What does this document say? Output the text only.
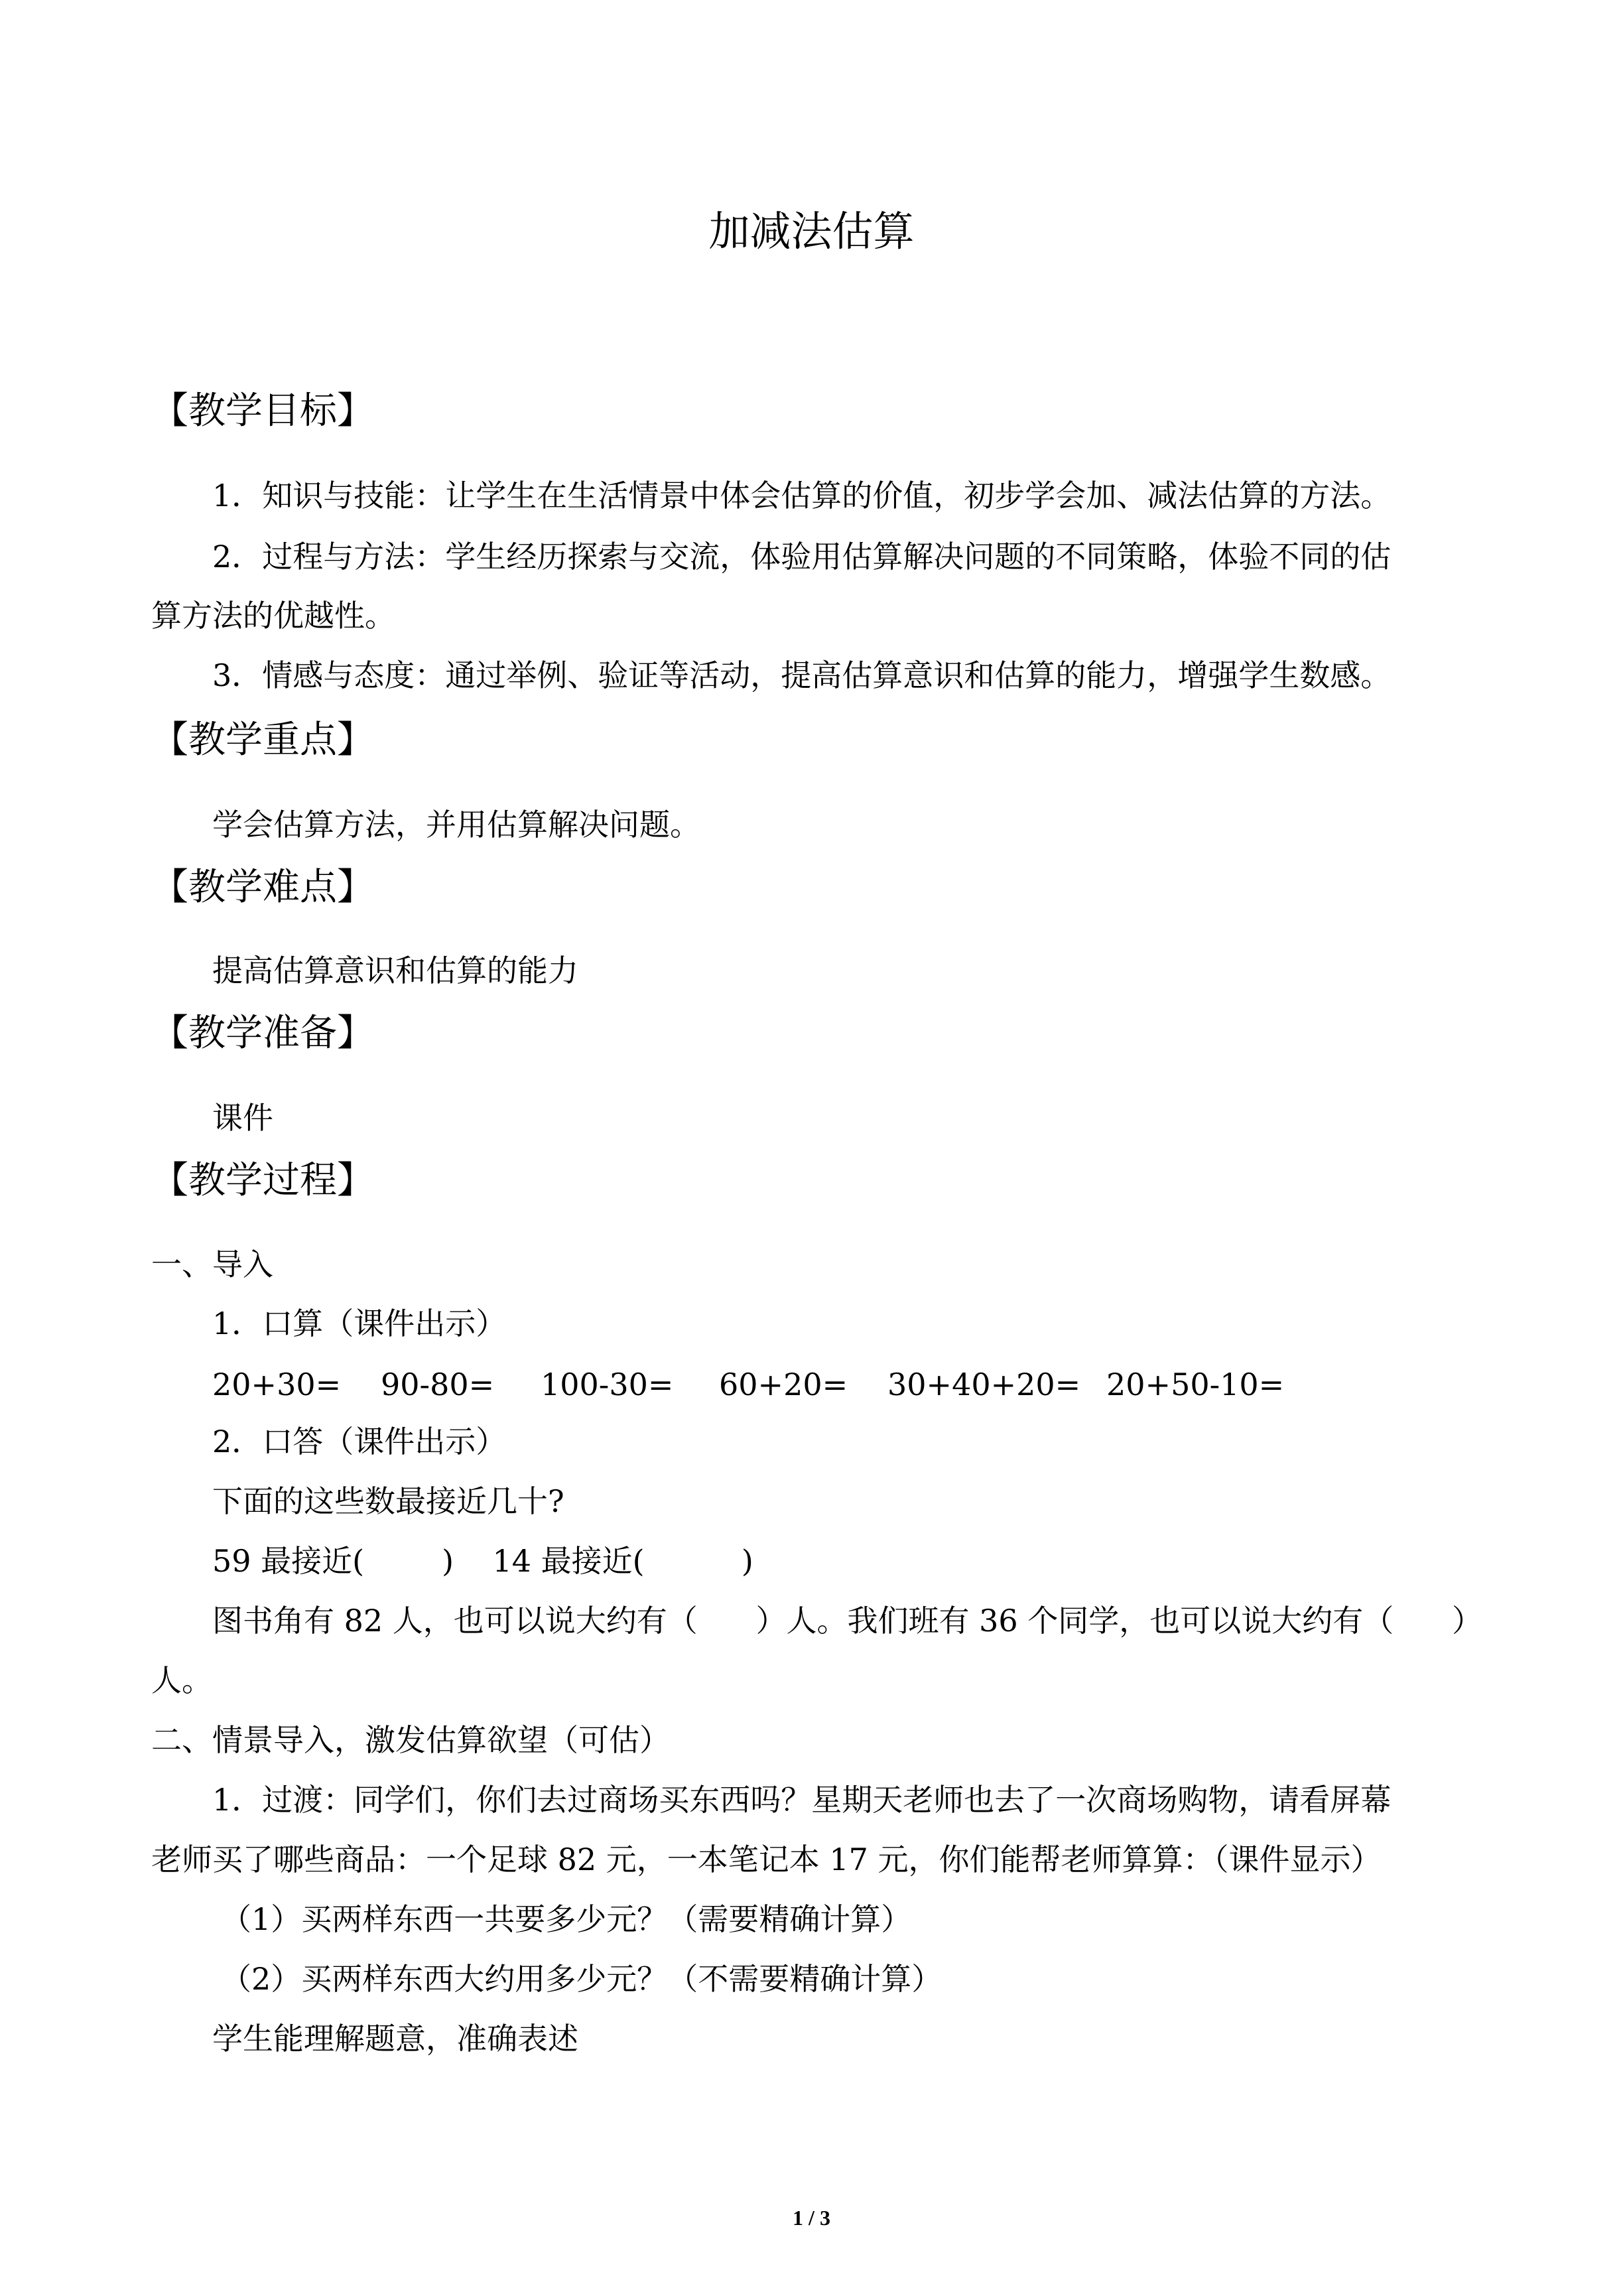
加减法估算
【教学目标】
1．知识与技能：让学生在生活情景中体会估算的价值，初步学会加、减法估算的方法。
2．过程与方法：学生经历探索与交流，体验用估算解决问题的不同策略，体验不同的估
算方法的优越性。
3．情感与态度：通过举例、验证等活动，提高估算意识和估算的能力，增强学生数感。
【教学重点】
学会估算方法，并用估算解决问题。
【教学难点】
提高估算意识和估算的能力
【教学准备】
课件
【教学过程】
一、导入
1．口算（课件出示）
20+30= 90-80= 100-30= 60+20= 30+40+20= 20+50-10=
2．口答（课件出示）
下面的这些数最接近几十?
59 最接近(        )    14 最接近(          )
图书角有 82 人，也可以说大约有（      ）人。我们班有 36 个同学，也可以说大约有（      ）
人。
二、情景导入，激发估算欲望（可估）
1．过渡：同学们，你们去过商场买东西吗？星期天老师也去了一次商场购物，请看屏幕
老师买了哪些商品：一个足球 82 元，一本笔记本 17 元，你们能帮老师算算：（课件显示）
（1）买两样东西一共要多少元？（需要精确计算）
（2）买两样东西大约用多少元？（不需要精确计算）
学生能理解题意，准确表述
1 / 3
